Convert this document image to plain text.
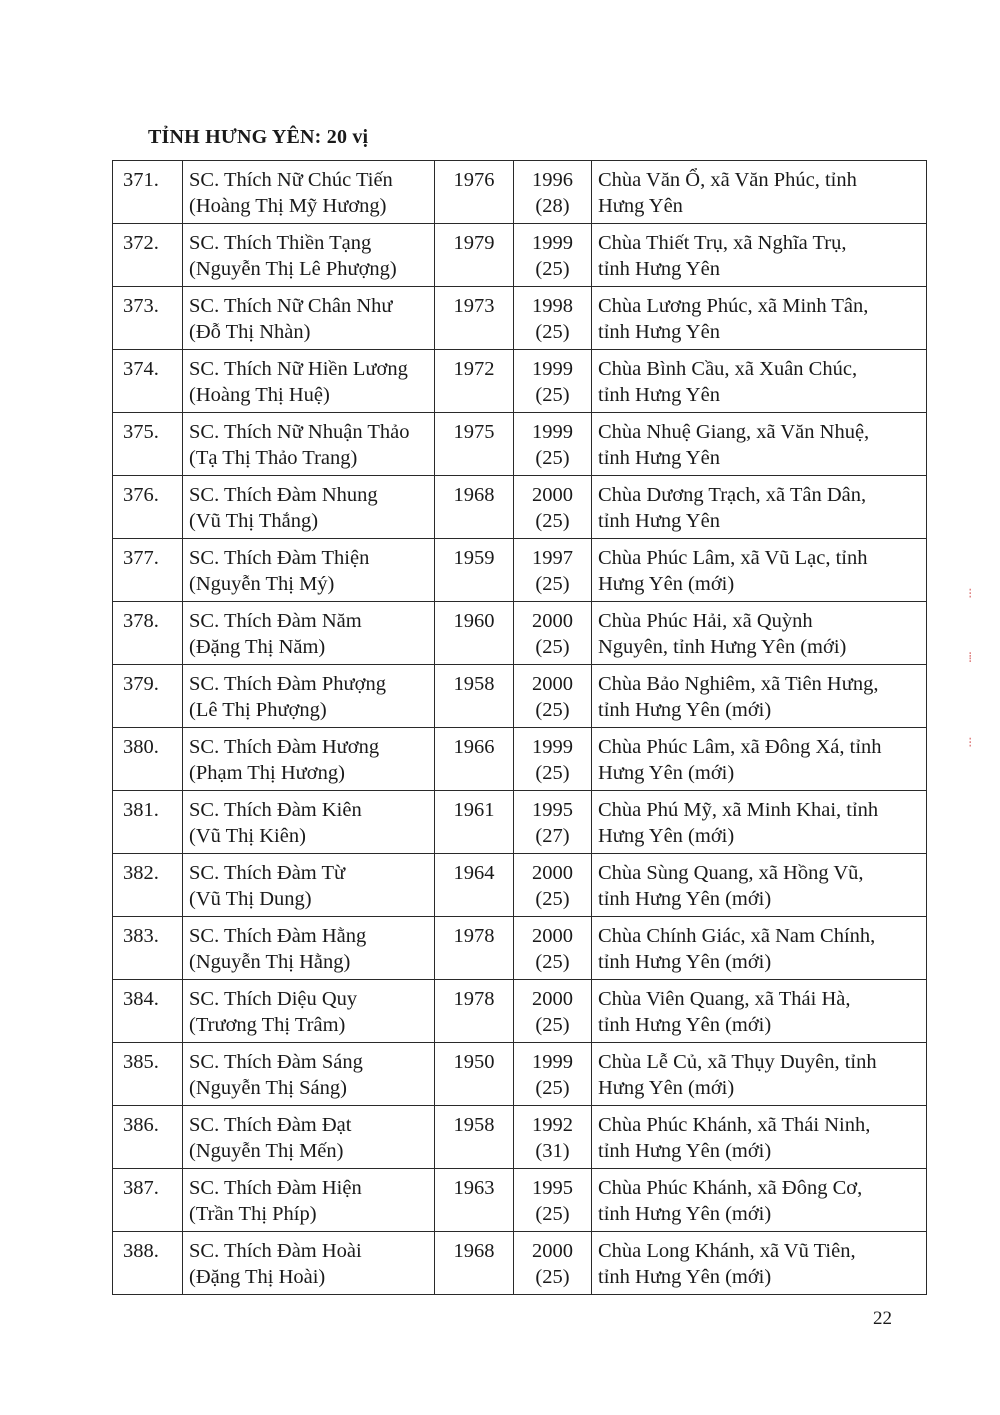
TỈNH HƯNG YÊN: 20 vị
371.	SC. Thích Nữ Chúc Tiến
(Hoàng Thị Mỹ Hương)	1976	1996
(28)	Chùa Văn Ổ, xã Văn Phúc, tỉnh
Hưng Yên

372.	SC. Thích Thiền Tạng
(Nguyễn Thị Lê Phượng)	1979	1999
(25)	Chùa Thiết Trụ, xã Nghĩa Trụ,
tỉnh Hưng Yên

373.	SC. Thích Nữ Chân Như
(Đỗ Thị Nhàn)	1973	1998
(25)	Chùa Lương Phúc, xã Minh Tân,
tỉnh Hưng Yên

374.	SC. Thích Nữ Hiền Lương
(Hoàng Thị Huệ)	1972	1999
(25)	Chùa Bình Cầu, xã Xuân Chúc,
tỉnh Hưng Yên

375.	SC. Thích Nữ Nhuận Thảo
(Tạ Thị Thảo Trang)	1975	1999
(25)	Chùa Nhuệ Giang, xã Văn Nhuệ,
tỉnh Hưng Yên

376.	SC. Thích Đàm Nhung
(Vũ Thị Thắng)	1968	2000
(25)	Chùa Dương Trạch, xã Tân Dân,
tỉnh Hưng Yên

377.	SC. Thích Đàm Thiện
(Nguyễn Thị Mý)	1959	1997
(25)	Chùa Phúc Lâm, xã Vũ Lạc, tỉnh
Hưng Yên (mới)

378.	SC. Thích Đàm Năm
(Đặng Thị Năm)	1960	2000
(25)	Chùa Phúc Hải, xã Quỳnh
Nguyên, tỉnh Hưng Yên (mới)

379.	SC. Thích Đàm Phượng
(Lê Thị Phượng)	1958	2000
(25)	Chùa Bảo Nghiêm, xã Tiên Hưng,
tỉnh Hưng Yên (mới)

380.	SC. Thích Đàm Hương
(Phạm Thị Hương)	1966	1999
(25)	Chùa Phúc Lâm, xã Đông Xá, tỉnh
Hưng Yên (mới)

381.	SC. Thích Đàm Kiên
(Vũ Thị Kiên)	1961	1995
(27)	Chùa Phú Mỹ, xã Minh Khai, tỉnh
Hưng Yên (mới)

382.	SC. Thích Đàm Từ
(Vũ Thị Dung)	1964	2000
(25)	Chùa Sùng Quang, xã Hồng Vũ,
tỉnh Hưng Yên (mới)

383.	SC. Thích Đàm Hằng
(Nguyễn Thị Hằng)	1978	2000
(25)	Chùa Chính Giác, xã Nam Chính,
tỉnh Hưng Yên (mới)

384.	SC. Thích Diệu Quy
(Trương Thị Trâm)	1978	2000
(25)	Chùa Viên Quang, xã Thái Hà,
tỉnh Hưng Yên (mới)

385.	SC. Thích Đàm Sáng
(Nguyễn Thị Sáng)	1950	1999
(25)	Chùa Lễ Củ, xã Thụy Duyên, tỉnh
Hưng Yên (mới)

386.	SC. Thích Đàm Đạt
(Nguyễn Thị Mến)	1958	1992
(31)	Chùa Phúc Khánh, xã Thái Ninh,
tỉnh Hưng Yên (mới)

387.	SC. Thích Đàm Hiện
(Trần Thị Phíp)	1963	1995
(25)	Chùa Phúc Khánh, xã Đông Cơ,
tỉnh Hưng Yên (mới)

388.	SC. Thích Đàm Hoài
(Đặng Thị Hoài)	1968	2000
(25)	Chùa Long Khánh, xã Vũ Tiên,
tỉnh Hưng Yên (mới)
22
⁝
⁞
⁝
